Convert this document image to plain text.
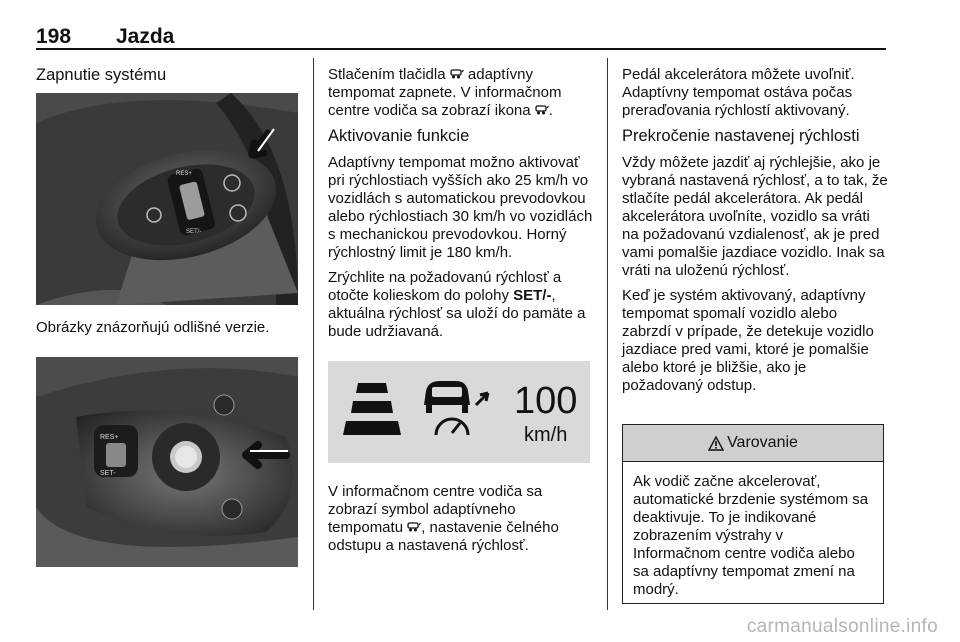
198 Jazda
Zapnutie systému
RES+
SET/-
Obrázky znázorňujú odlišné verzie.
RES+
SET-

Stlačením tlačidla  adaptívny tempomat zapnete. V informačnom centre vodiča sa zobrazí ikona .

Aktivovanie funkcie

Adaptívny tempomat možno aktivovať pri rýchlostiach vyšších ako 25 km/h vo vozidlách s automatickou prevodovkou alebo rýchlostiach 30 km/h vo vozidlách s mechanickou prevodovkou. Horný rýchlostný limit je 180 km/h.

Zrýchlite na požadovanú rýchlosť a otočte kolieskom do polohy SET/-, aktuálna rýchlosť sa uloží do pamäte a bude udržiavaná.

100
km/h

V informačnom centre vodiča sa zobrazí symbol adaptívneho tempomatu , nastavenie čelného odstupu a nastavená rýchlosť.

Pedál akcelerátora môžete uvoľniť. Adaptívny tempomat ostáva počas preraďovania rýchlostí aktivovaný.

Prekročenie nastavenej rýchlosti

Vždy môžete jazdiť aj rýchlejšie, ako je vybraná nastavená rýchlosť, a to tak, že stlačíte pedál akcelerátora. Ak pedál akcelerátora uvoľníte, vozidlo sa vráti na požadovanú vzdialenosť, ak je pred vami pomalšie jazdiace vozidlo. Inak sa vráti na uloženú rýchlosť.

Keď je systém aktivovaný, adaptívny tempomat spomalí vozidlo alebo zabrzdí v prípade, že detekuje vozidlo jazdiace pred vami, ktoré je pomalšie alebo ktoré je bližšie, ako je požadovaný odstup.

Varovanie
Ak vodič začne akcelerovať, automatické brzdenie systémom sa deaktivuje. To je indikované zobrazením výstrahy v Informačnom centre vodiča alebo sa adaptívny tempomat zmení na modrý.
carmanualsonline.info
